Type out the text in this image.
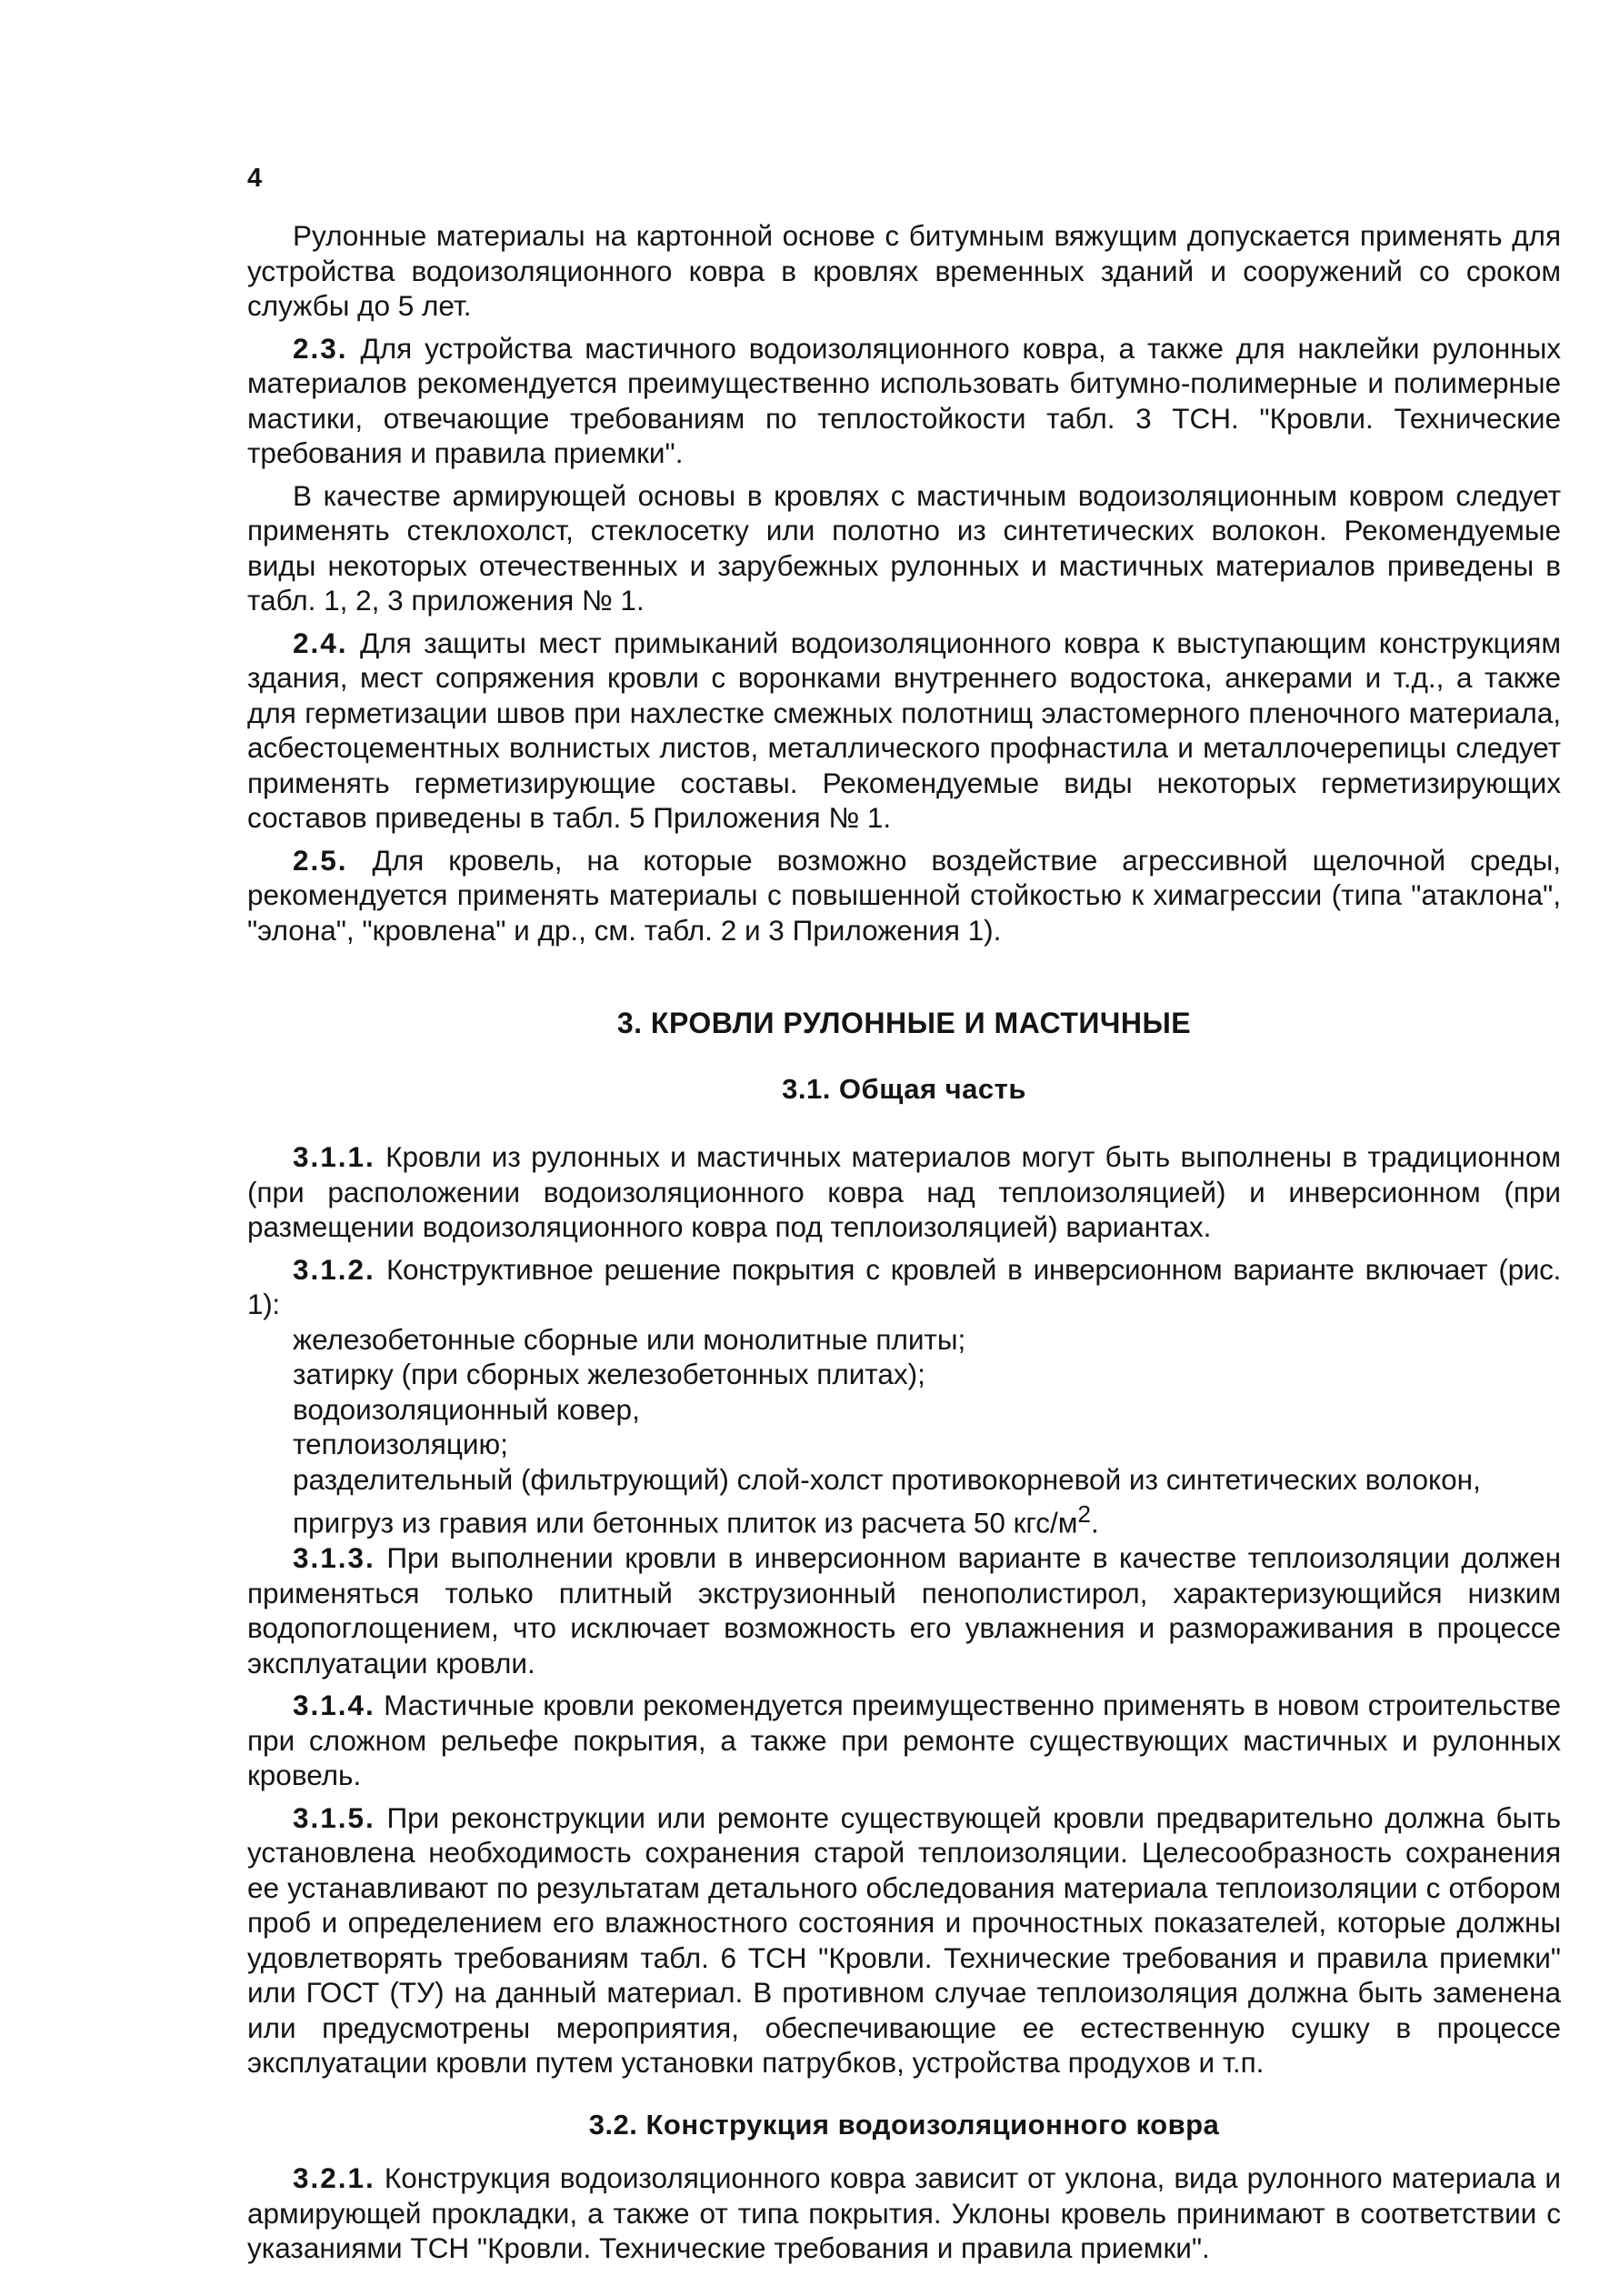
4

Рулонные материалы на картонной основе с битумным вяжущим допускается применять для устройства водоизоляционного ковра в кровлях временных зданий и сооружений со сроком службы до 5 лет.

2.3. Для устройства мастичного водоизоляционного ковра, а также для наклейки рулонных материалов рекомендуется преимущественно использовать битумно-полимерные и полимерные мастики, отвечающие требованиям по теплостойкости табл. 3 ТСН. "Кровли. Технические требования и правила приемки".

В качестве армирующей основы в кровлях с мастичным водоизоляционным ковром следует применять стеклохолст, стеклосетку или полотно из синтетических волокон. Рекомендуемые виды некоторых отечественных и зарубежных рулонных и мастичных материалов приведены в табл. 1, 2, 3 приложения № 1.

2.4. Для защиты мест примыканий водоизоляционного ковра к выступающим конструкциям здания, мест сопряжения кровли с воронками внутреннего водостока, анкерами и т.д., а также для герметизации швов при нахлестке смежных полотнищ эластомерного пленочного материала, асбестоцементных волнистых листов, металлического профнастила и металлочерепицы следует применять герметизирующие составы. Рекомендуемые виды некоторых герметизирующих составов приведены в табл. 5 Приложения № 1.

2.5. Для кровель, на которые возможно воздействие агрессивной щелочной среды, рекомендуется применять материалы с повышенной стойкостью к химагрессии (типа "атаклона", "элона", "кровлена" и др., см. табл. 2 и 3 Приложения 1).

3. КРОВЛИ РУЛОННЫЕ И МАСТИЧНЫЕ
3.1. Общая часть

3.1.1. Кровли из рулонных и мастичных материалов могут быть выполнены в традиционном (при расположении водоизоляционного ковра над теплоизоляцией) и инверсионном (при размещении водоизоляционного ковра под теплоизоляцией) вариантах.

3.1.2. Конструктивное решение покрытия с кровлей в инверсионном варианте включает (рис. 1):

железобетонные сборные или монолитные плиты;
затирку (при сборных железобетонных плитах);
водоизоляционный ковер,
теплоизоляцию;
разделительный (фильтрующий) слой-холст противокорневой из синтетических волокон,
пригруз из гравия или бетонных плиток из расчета 50 кгс/$м^2$.

3.1.3. При выполнении кровли в инверсионном варианте в качестве теплоизоляции должен применяться только плитный экструзионный пенополистирол, характеризующийся низким водопоглощением, что исключает возможность его увлажнения и размораживания в процессе эксплуатации кровли.

3.1.4. Мастичные кровли рекомендуется преимущественно применять в новом строительстве при сложном рельефе покрытия, а также при ремонте существующих мастичных и рулонных кровель.

3.1.5. При реконструкции или ремонте существующей кровли предварительно должна быть установлена необходимость сохранения старой теплоизоляции. Целесообразность сохранения ее устанавливают по результатам детального обследования материала теплоизоляции с отбором проб и определением его влажностного состояния и прочностных показателей, которые должны удовлетворять требованиям табл. 6 ТСН "Кровли. Технические требования и правила приемки" или ГОСТ (ТУ) на данный материал. В противном случае теплоизоляция должна быть заменена или предусмотрены мероприятия, обеспечивающие ее естественную сушку в процессе эксплуатации кровли путем установки патрубков, устройства продухов и т.п.

3.2. Конструкция водоизоляционного ковра

3.2.1. Конструкция водоизоляционного ковра зависит от уклона, вида рулонного материала и армирующей прокладки, а также от типа покрытия. Уклоны кровель принимают в соответствии с указаниями ТСН "Кровли. Технические требования и правила приемки".
